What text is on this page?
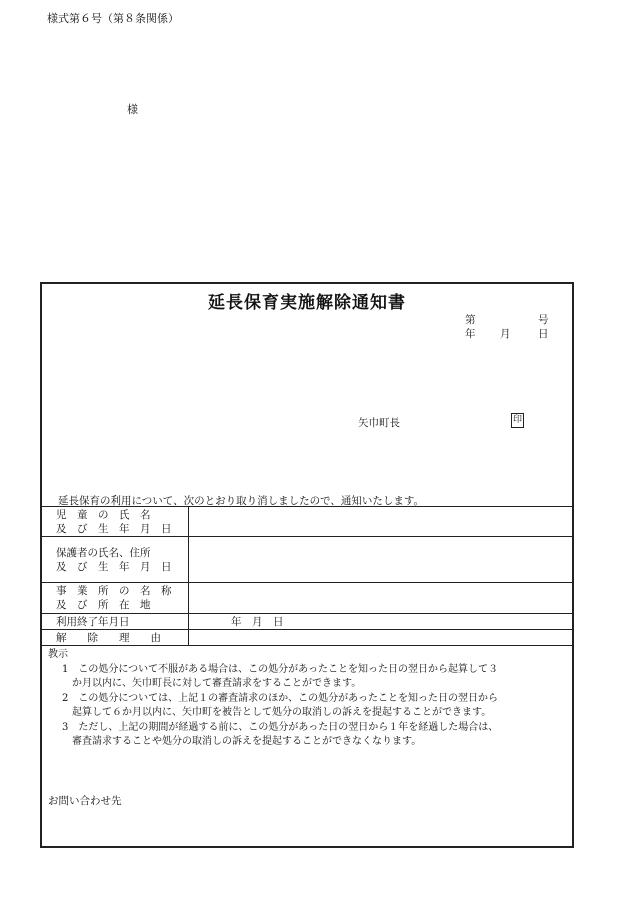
様式第６号（第８条関係）
様
延長保育実施解除通知書
第	号
年 月	日
矢巾町長	印
延長保育の利用について、次のとおり取り消しましたので、通知いたします。
児　童　の　氏　名
及　び　生　年　月　日	

保護者の氏名、住所
及　び　生　年　月　日	

事　業　所　の　名　称
及　び　所　在　地	

利用終了年月日	年　月　日

解　　除　　理　　由	

教示
1　この処分について不服がある場合は、この処分があったことを知った日の翌日から起算して３
か月以内に、矢巾町長に対して審査請求をすることができます。
2　この処分については、上記１の審査請求のほか、この処分があったことを知った日の翌日から
起算して６か月以内に、矢巾町を被告として処分の取消しの訴えを提起することができます。
3　ただし、上記の期間が経過する前に、この処分があった日の翌日から１年を経過した場合は、
審査請求することや処分の取消しの訴えを提起することができなくなります。
お問い合わせ先
